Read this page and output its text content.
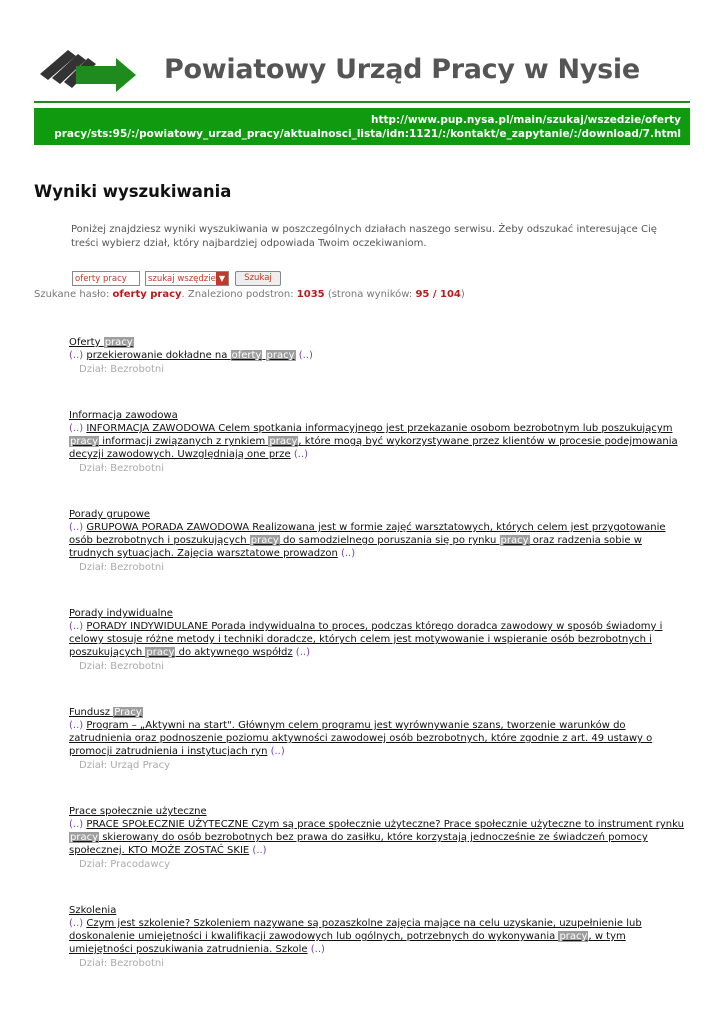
Powiatowy Urząd Pracy w Nysie
http://www.pup.nysa.pl/main/szukaj/wszedzie/oferty
pracy/sts:95/:/powiatowy_urzad_pracy/aktualnosci_lista/idn:1121/:/kontakt/e_zapytanie/:/download/7.html
Wyniki wyszukiwania

Poniżej znajdziesz wyniki wyszukiwania w poszczególnych działach naszego serwisu. Żeby odszukać interesujące Cię treści wybierz dział, który najbardziej odpowiada Twoim oczekiwaniom.

oferty pracy
szukaj wszędzie ▼	Szukaj
Szukane hasło: oferty pracy. Znaleziono podstron: 1035 (strona wyników: 95 / 104)
Oferty pracy
(..) przekierowanie dokładne na oferty pracy (..)
Dział: Bezrobotni
Informacja zawodowa
(..) INFORMACJA ZAWODOWA Celem spotkania informacyjnego jest przekazanie osobom bezrobotnym lub poszukującym pracy informacji związanych z rynkiem pracy, które mogą być wykorzystywane przez klientów w procesie podejmowania decyzji zawodowych. Uwzględniają one prze (..)
Dział: Bezrobotni
Porady grupowe
(..) GRUPOWA PORADA ZAWODOWA Realizowana jest w formie zajęć warsztatowych, których celem jest przygotowanie osób bezrobotnych i poszukujących pracy do samodzielnego poruszania się po rynku pracy oraz radzenia sobie w trudnych sytuacjach. Zajęcia warsztatowe prowadzon (..)
Dział: Bezrobotni
Porady indywidualne
(..) PORADY INDYWIDULANE Porada indywidualna to proces, podczas którego doradca zawodowy w sposób świadomy i celowy stosuje różne metody i techniki doradcze, których celem jest motywowanie i wspieranie osób bezrobotnych i poszukujących pracy do aktywnego współdz (..)
Dział: Bezrobotni
Fundusz Pracy
(..) Program – „Aktywni na start". Głównym celem programu jest wyrównywanie szans, tworzenie warunków do zatrudnienia oraz podnoszenie poziomu aktywności zawodowej osób bezrobotnych, które zgodnie z art. 49 ustawy o promocji zatrudnienia i instytucjach ryn (..)
Dział: Urząd Pracy
Prace społecznie użyteczne
(..) PRACE SPOŁECZNIE UŻYTECZNE Czym są prace społecznie użyteczne? Prace społecznie użyteczne to instrument rynku pracy skierowany do osób bezrobotnych bez prawa do zasiłku, które korzystają jednocześnie ze świadczeń pomocy społecznej. KTO MOŻE ZOSTAĆ SKIE (..)
Dział: Pracodawcy
Szkolenia
(..) Czym jest szkolenie? Szkoleniem nazywane są pozaszkolne zajęcia mające na celu uzyskanie, uzupełnienie lub doskonalenie umiejętności i kwalifikacji zawodowych lub ogólnych, potrzebnych do wykonywania pracy, w tym umiejętności poszukiwania zatrudnienia. Szkole (..)
Dział: Bezrobotni
